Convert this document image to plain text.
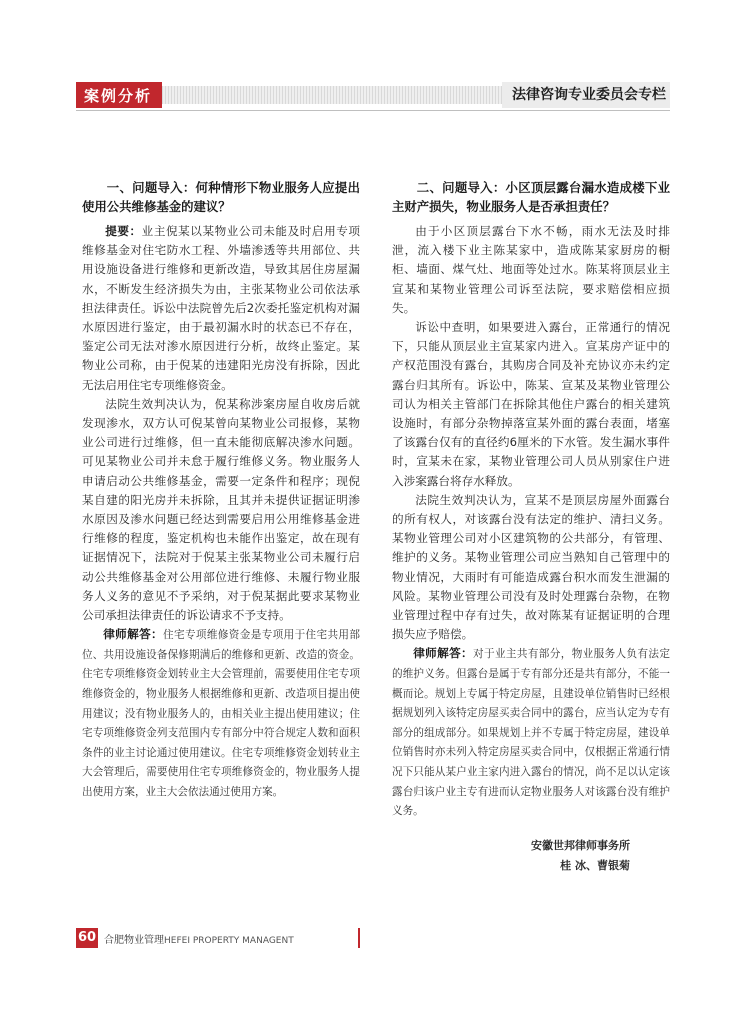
案例分析	法律咨询专业委员会专栏
一、问题导入：何种情形下物业服务人应提出使用公共维修基金的建议？

提要：业主倪某以某物业公司未能及时启用专项维修基金对住宅防水工程、外墙渗透等共用部位、共用设施设备进行维修和更新改造，导致其居住房屋漏水，不断发生经济损失为由，主张某物业公司依法承担法律责任。诉讼中法院曾先后2次委托鉴定机构对漏水原因进行鉴定，由于最初漏水时的状态已不存在，鉴定公司无法对渗水原因进行分析，故终止鉴定。某物业公司称，由于倪某的违建阳光房没有拆除，因此无法启用住宅专项维修资金。

法院生效判决认为，倪某称涉案房屋自收房后就发现渗水，双方认可倪某曾向某物业公司报修，某物业公司进行过维修，但一直未能彻底解决渗水问题。可见某物业公司并未怠于履行维修义务。物业服务人申请启动公共维修基金，需要一定条件和程序；现倪某自建的阳光房并未拆除，且其并未提供证据证明渗水原因及渗水问题已经达到需要启用公用维修基金进行维修的程度，鉴定机构也未能作出鉴定，故在现有证据情况下，法院对于倪某主张某物业公司未履行启动公共维修基金对公用部位进行维修、未履行物业服务人义务的意见不予采纳，对于倪某据此要求某物业公司承担法律责任的诉讼请求不予支持。

律师解答：住宅专项维修资金是专项用于住宅共用部位、共用设施设备保修期满后的维修和更新、改造的资金。住宅专项维修资金划转业主大会管理前，需要使用住宅专项维修资金的，物业服务人根据维修和更新、改造项目提出使用建议；没有物业服务人的，由相关业主提出使用建议；住宅专项维修资金列支范围内专有部分中符合规定人数和面积条件的业主讨论通过使用建议。住宅专项维修资金划转业主大会管理后，需要使用住宅专项维修资金的，物业服务人提出使用方案，业主大会依法通过使用方案。

二、问题导入：小区顶层露台漏水造成楼下业主财产损失，物业服务人是否承担责任？

由于小区顶层露台下水不畅，雨水无法及时排泄，流入楼下业主陈某家中，造成陈某家厨房的橱柜、墙面、煤气灶、地面等处过水。陈某将顶层业主宣某和某物业管理公司诉至法院，要求赔偿相应损失。

诉讼中查明，如果要进入露台，正常通行的情况下，只能从顶层业主宣某家内进入。宣某房产证中的产权范围没有露台，其购房合同及补充协议亦未约定露台归其所有。诉讼中，陈某、宣某及某物业管理公司认为相关主管部门在拆除其他住户露台的相关建筑设施时，有部分杂物掉落宣某外面的露台表面，堵塞了该露台仅有的直径约6厘米的下水管。发生漏水事件时，宣某未在家，某物业管理公司人员从别家住户进入涉案露台将存水释放。

法院生效判决认为，宣某不是顶层房屋外面露台的所有权人，对该露台没有法定的维护、清扫义务。某物业管理公司对小区建筑物的公共部分，有管理、维护的义务。某物业管理公司应当熟知自己管理中的物业情况，大雨时有可能造成露台积水而发生泄漏的风险。某物业管理公司没有及时处理露台杂物，在物业管理过程中存有过失，故对陈某有证据证明的合理损失应予赔偿。

律师解答：对于业主共有部分，物业服务人负有法定的维护义务。但露台是属于专有部分还是共有部分，不能一概而论。规划上专属于特定房屋，且建设单位销售时已经根据规划列入该特定房屋买卖合同中的露台，应当认定为专有部分的组成部分。如果规划上并不专属于特定房屋，建设单位销售时亦未列入特定房屋买卖合同中，仅根据正常通行情况下只能从某户业主家内进入露台的情况，尚不足以认定该露台归该户业主专有进而认定物业服务人对该露台没有维护义务。

安徽世邦律师事务所
桂 冰、曹银菊
60 合肥物业管理HEFEI PROPERTY MANAGENT
